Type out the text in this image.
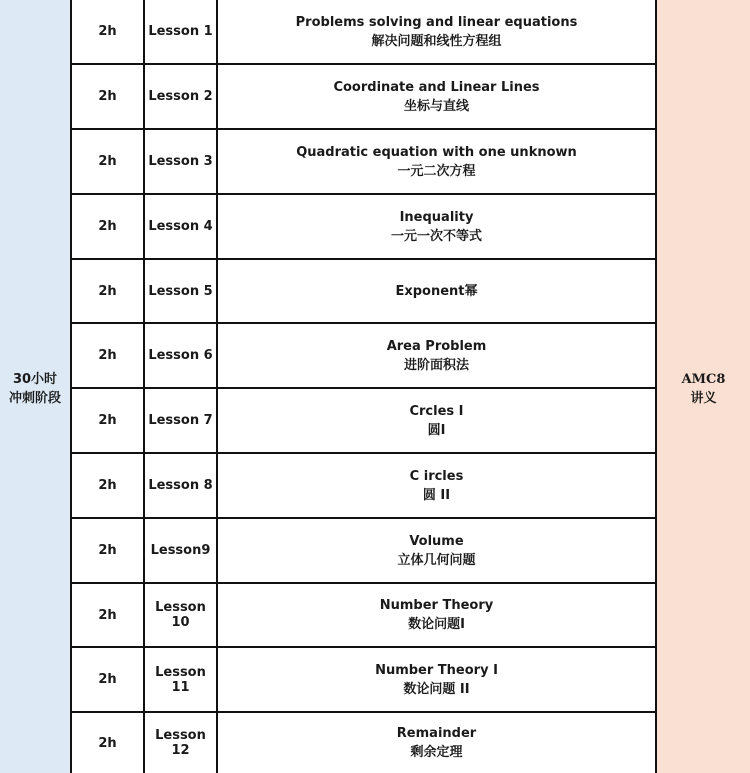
30小时
冲刺阶段
2h	Lesson 1
Problems solving and linear equations
解决问题和线性方程组
2h	Lesson 2
Coordinate and Linear Lines
坐标与直线
2h	Lesson 3
Quadratic equation with one unknown
一元二次方程
2h	Lesson 4
Inequality
一元一次不等式
2h	Lesson 5	Exponent幂
2h	Lesson 6
Area Problem
进阶面积法
2h	Lesson 7
Crcles I
圆I
2h	Lesson 8
C ircles
圆 II
2h	Lesson9
Volume
立体几何问题
2h	Lesson 10
Number Theory
数论问题I
2h	Lesson 11
Number Theory I
数论问题 II
2h	Lesson 12
Remainder
剩余定理
AMC8
讲义
